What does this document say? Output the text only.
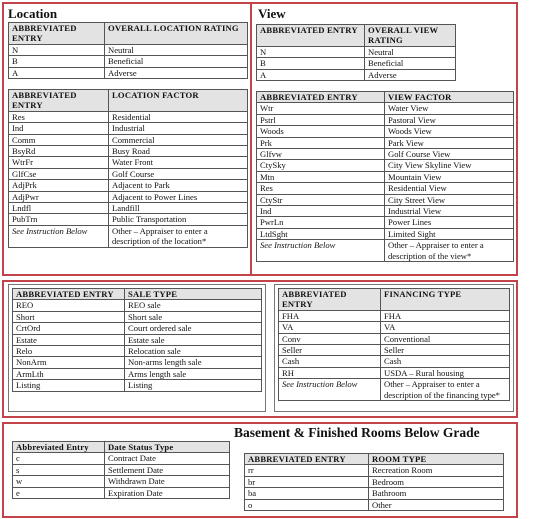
Location
ABBREVIATED ENTRY	OVERALL LOCATION RATING
N	Neutral
B	Beneficial
A	Adverse
ABBREVIATED ENTRY	LOCATION FACTOR
Res	Residential
Ind	Industrial
Comm	Commercial
BsyRd	Busy Road
WtrFr	Water Front
GlfCse	Golf Course
AdjPrk	Adjacent to Park
AdjPwr	Adjacent to Power Lines
Lndfl	Landfill
PubTrn	Public Transportation
See Instruction Below	Other – Appraiser to enter a description of the location*
View
ABBREVIATED ENTRY	OVERALL VIEW RATING
N	Neutral
B	Beneficial
A	Adverse
ABBREVIATED ENTRY	VIEW FACTOR
Wtr	Water View
Pstrl	Pastoral View
Woods	Woods View
Prk	Park View
Glfvw	Golf Course View
CtySky	City View Skyline View
Mtn	Mountain View
Res	Residential View
CtyStr	City Street View
Ind	Industrial View
PwrLn	Power Lines
LtdSght	Limited Sight
See Instruction Below	Other – Appraiser to enter a description of the view*
ABBREVIATED ENTRY	SALE TYPE
REO	REO sale
Short	Short sale
CrtOrd	Court ordered sale
Estate	Estate sale
Relo	Relocation sale
NonArm	Non-arms length sale
ArmLth	Arms length sale
Listing	Listing
ABBREVIATED ENTRY	FINANCING TYPE
FHA	FHA
VA	VA
Conv	Conventional
Seller	Seller
Cash	Cash
RH	USDA – Rural housing
See Instruction Below	Other – Appraiser to enter a description of the financing type*
Abbreviated Entry	Date Status Type
c	Contract Date
s	Settlement Date
w	Withdrawn Date
e	Expiration Date
Basement & Finished Rooms Below Grade
ABBREVIATED ENTRY	ROOM TYPE
rr	Recreation Room
br	Bedroom
ba	Bathroom
o	Other
